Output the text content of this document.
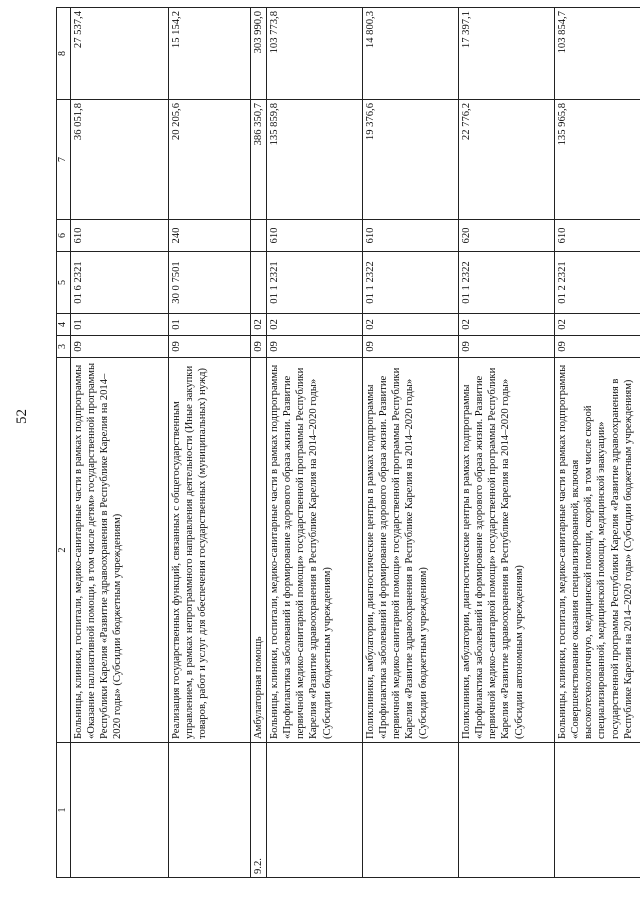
52
1	2	3	4	5	6	7	8
	Больницы, клиники, госпитали, медико-санитарные части в рамках подпрограммы «Оказание паллиативной помощи, в том числе детям» государственной программы Республики Карелия «Развитие здравоохранения в Республике Карелия на 2014–2020 годы» (Субсидии бюджетным учреждениям)	09	01	01 6 2321	610	36 051,8	27 537,4
	Реализация государственных функций, связанных с общегосударственным управлением, в рамках непрограммного направления деятельности (Иные закупки товаров, работ и услуг для обеспечения государственных (муниципальных) нужд)	09	01	30 0 7501	240	20 205,6	15 154,2
9.2.	Амбулаторная помощь	09	02			386 350,7	303 990,0
	Больницы, клиники, госпитали, медико-санитарные части в рамках подпрограммы «Профилактика заболеваний и формирование здорового образа жизни. Развитие первичной медико-санитарной помощи» государственной программы Республики Карелия «Развитие здравоохранения в Республике Карелия на 2014–2020 годы» (Субсидии бюджетным учреждениям)	09	02	01 1 2321	610	135 859,8	103 773,8
	Поликлиники, амбулатории, диагностические центры в рамках подпрограммы «Профилактика заболеваний и формирование здорового образа жизни. Развитие первичной медико-санитарной помощи» государственной программы Республики Карелия «Развитие здравоохранения в Республике Карелия на 2014–2020 годы» (Субсидии бюджетным учреждениям)	09	02	01 1 2322	610	19 376,6	14 800,3
	Поликлиники, амбулатории, диагностические центры в рамках подпрограммы «Профилактика заболеваний и формирование здорового образа жизни. Развитие первичной медико-санитарной помощи» государственной программы Республики Карелия «Развитие здравоохранения в Республике Карелия на 2014–2020 годы» (Субсидии автономным учреждениям)	09	02	01 1 2322	620	22 776,2	17 397,1
	Больницы, клиники, госпитали, медико-санитарные части в рамках подпрограммы «Совершенствование оказания специализированной, включая высокотехнологичную, медицинской помощи, скорой, в том числе скорой специализированной, медицинской помощи, медицинской эвакуации» государственной программы Республики Карелия «Развитие здравоохранения в Республике Карелия на 2014–2020 годы» (Субсидии бюджетным учреждениям)	09	02	01 2 2321	610	135 965,8	103 854,7
